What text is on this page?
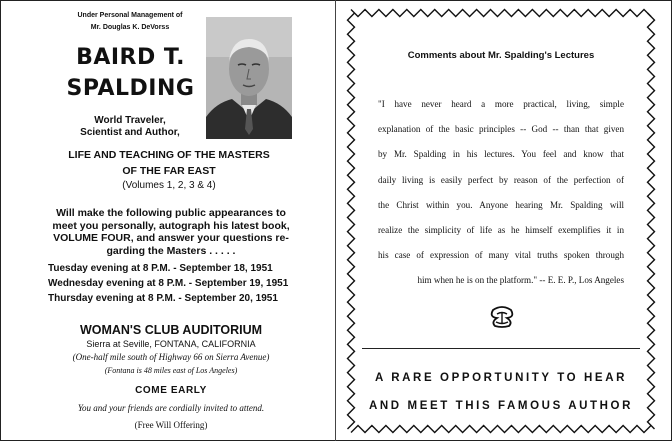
Under Personal Management of
Mr. Douglas K. DeVorss
BAIRD T.
SPALDING
World Traveler,
Scientist and Author,
LIFE AND TEACHING OF THE MASTERS
OF THE FAR EAST
(Volumes 1, 2, 3 & 4)
Will make the following public appearances to
meet you personally, autograph his latest book,
VOLUME FOUR, and answer your questions re-
garding the Masters . . . . .
Tuesday evening at 8 P.M. - September 18, 1951
Wednesday evening at 8 P.M. - September 19, 1951
Thursday evening at 8 P.M. - September 20, 1951
WOMAN'S CLUB AUDITORIUM
Sierra at Seville, FONTANA, CALIFORNIA
(One-half mile south of Highway 66 on Sierra Avenue)
(Fontana is 48 miles east of Los Angeles)
COME EARLY
You and your friends are cordially invited to attend.
(Free Will Offering)
Comments about Mr. Spalding's Lectures
"I have never heard a more practical, living, simple
explanation of the basic principles -- God -- than that given
by Mr. Spalding in his lectures. You feel and know that
daily living is easily perfect by reason of the perfection of
the Christ within you. Anyone hearing Mr. Spalding will
realize the simplicity of life as he himself exemplifies it in
his case of expression of many vital truths spoken through
him when he is on the platform." -- E. E. P., Los Angeles
A RARE OPPORTUNITY TO HEAR
AND MEET THIS FAMOUS AUTHOR
